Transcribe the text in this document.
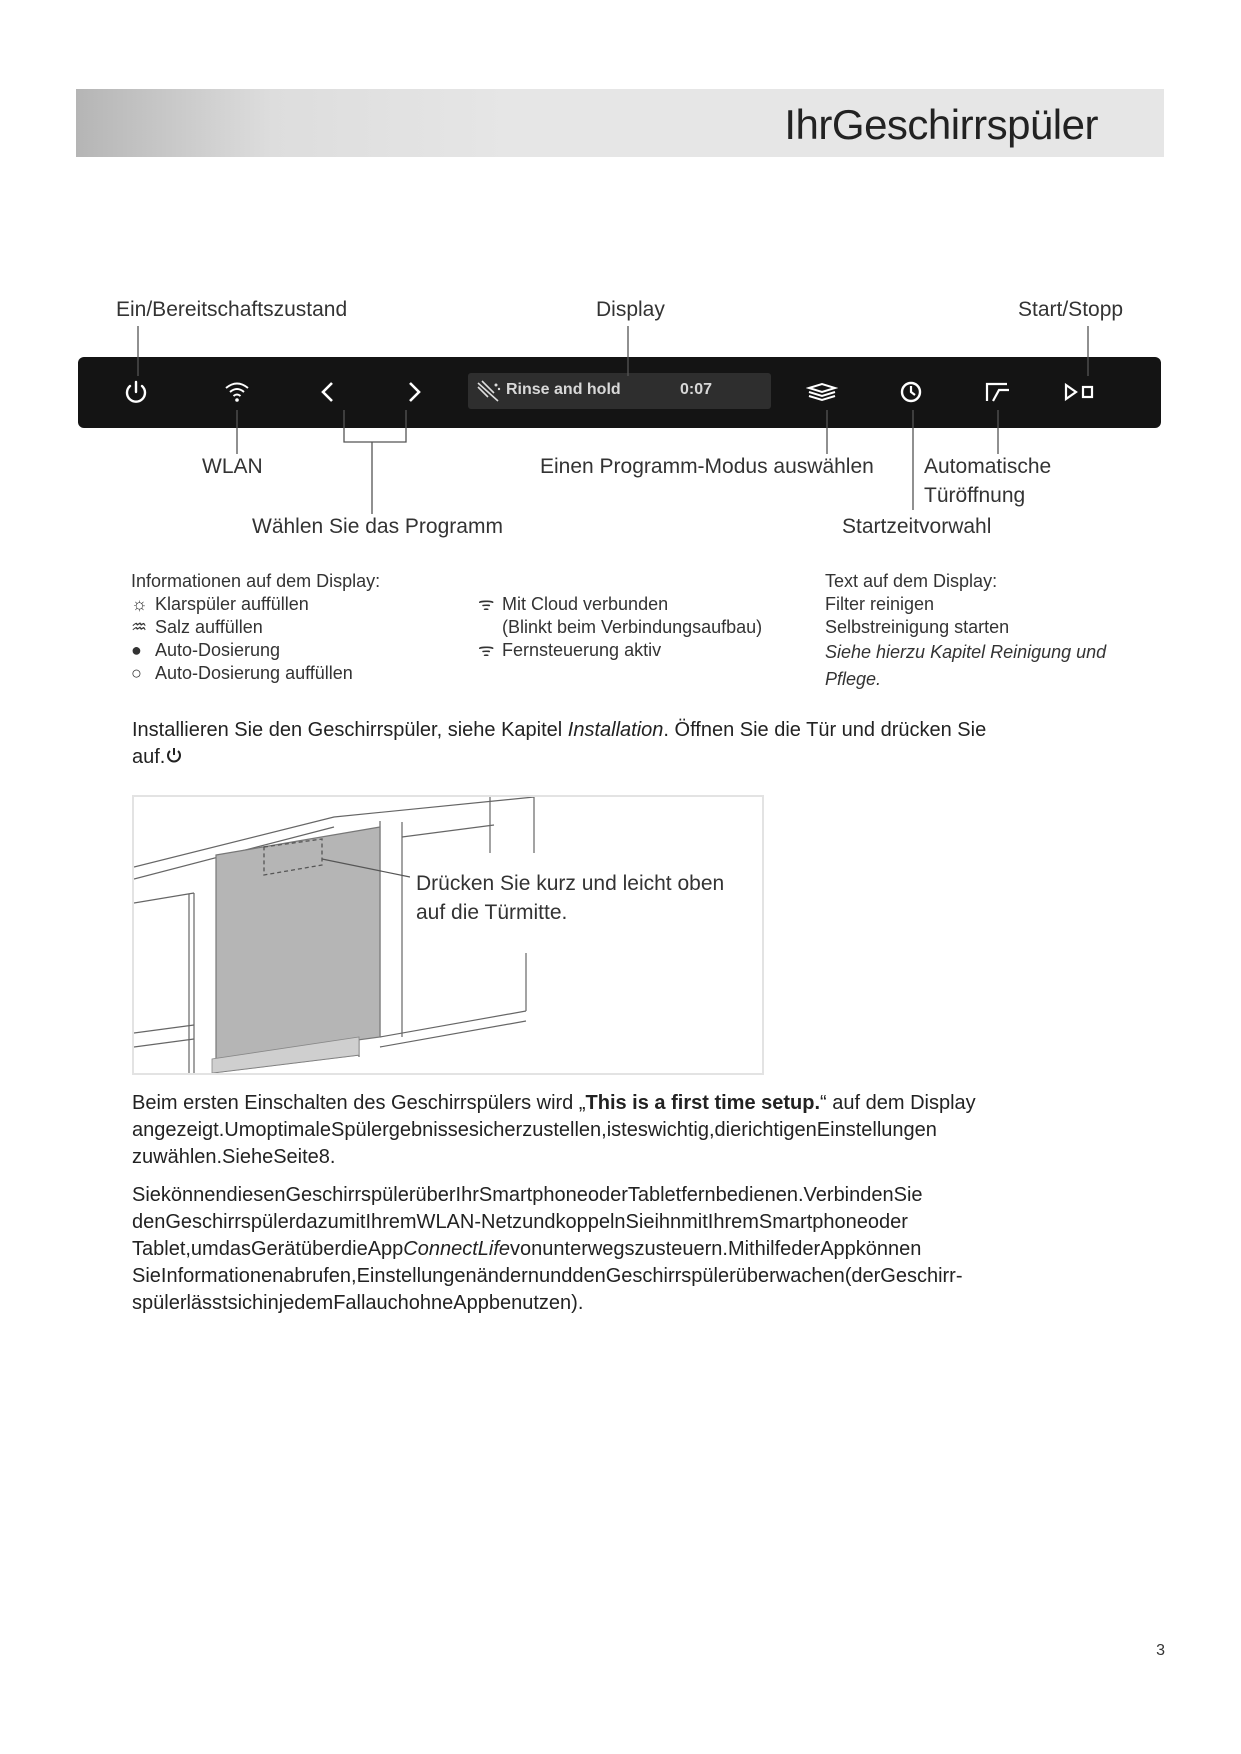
IhrGeschirrspüler
Ein/Bereitschaftszustand	Display	Start/Stopp
Rinse and hold	0:07
WLAN	Einen Programm-Modus auswählen Automatische
Türöffnung
Wählen Sie das Programm	Startzeitvorwahl
Informationen auf dem Display:
☼ Klarspüler auffüllen
♒ Salz auffüllen
● Auto-Dosierung
○ Auto-Dosierung auffüllen
ᯤ Mit Cloud verbunden
(Blinkt beim Verbindungsaufbau)
ᯤ Fernsteuerung aktiv
Text auf dem Display:
Filter reinigen
Selbstreinigung starten
Siehe hierzu Kapitel Reinigung und
Pflege.
Installieren Sie den Geschirrspüler, siehe Kapitel Installation. Öffnen Sie die Tür und drücken Sie
auf.
Drücken Sie kurz und leicht oben
auf die Türmitte.
Beim ersten Einschalten des Geschirrspülers wird „This is a first time setup.“ auf dem Display
angezeigt.UmoptimaleSpülergebnissesicherzustellen,isteswichtig,dierichtigenEinstellungen
zuwählen.SieheSeite8.
SiekönnendiesenGeschirrspülerüberIhrSmartphoneoderTabletfernbedienen.VerbindenSie
denGeschirrspülerdazumitIhremWLAN-NetzundkoppelnSieihnmitIhremSmartphoneoder
Tablet,umdasGerätüberdieAppConnectLifevonunterwegszusteuern.MithilfederAppkönnen
SieInformationenabrufen,EinstellungenändernunddenGeschirrspülerüberwachen(derGeschirr-
spülerlässtsichinjedemFallauchohneAppbenutzen).
3
